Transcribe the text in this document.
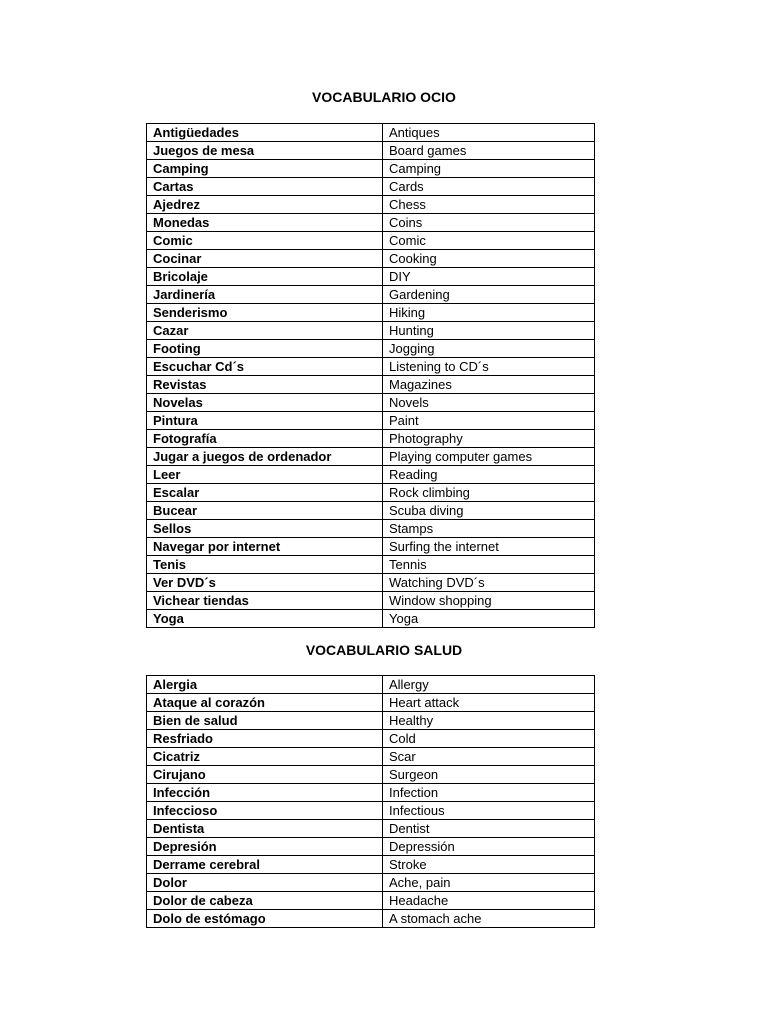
VOCABULARIO OCIO
Antigüedades	Antiques
Juegos de mesa	Board games
Camping	Camping
Cartas	Cards
Ajedrez	Chess
Monedas	Coins
Comic	Comic
Cocinar	Cooking
Bricolaje	DIY
Jardinería	Gardening
Senderismo	Hiking
Cazar	Hunting
Footing	Jogging
Escuchar Cd´s	Listening to CD´s
Revistas	Magazines
Novelas	Novels
Pintura	Paint
Fotografía	Photography
Jugar a juegos de ordenador	Playing computer games
Leer	Reading
Escalar	Rock climbing
Bucear	Scuba diving
Sellos	Stamps
Navegar por internet	Surfing the internet
Tenis	Tennis
Ver DVD´s	Watching DVD´s
Vichear tiendas	Window shopping
Yoga	Yoga
VOCABULARIO SALUD
Alergia	Allergy
Ataque al corazón	Heart attack
Bien de salud	Healthy
Resfriado	Cold
Cicatriz	Scar
Cirujano	Surgeon
Infección	Infection
Infeccioso	Infectious
Dentista	Dentist
Depresión	Depressión
Derrame cerebral	Stroke
Dolor	Ache, pain
Dolor de cabeza	Headache
Dolo de estómago	A stomach ache
